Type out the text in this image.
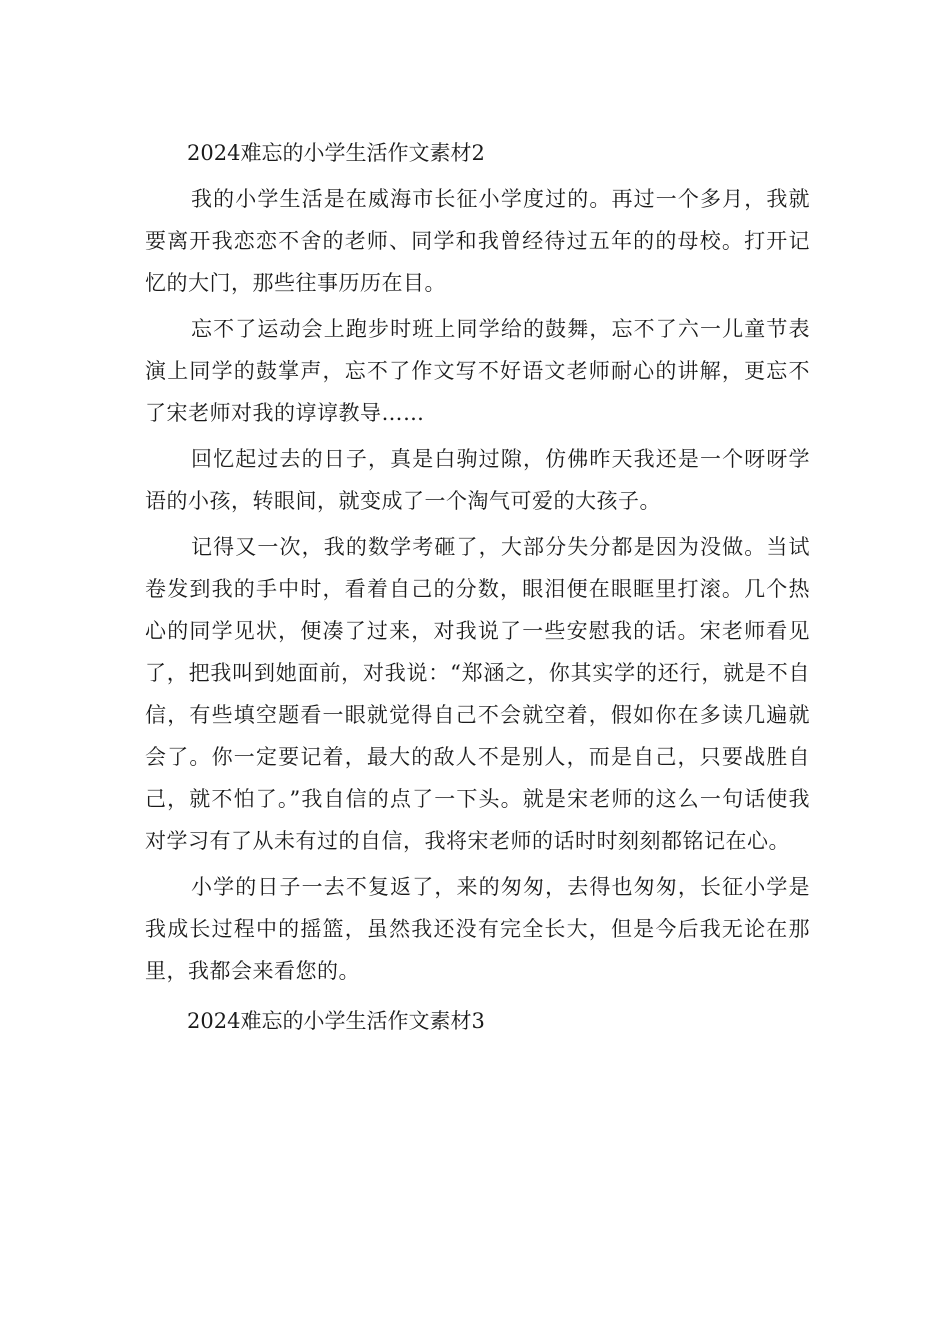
2024难忘的小学生活作文素材2

我的小学生活是在威海市长征小学度过的。再过一个多月，我就要离开我恋恋不舍的老师、同学和我曾经待过五年的的母校。打开记忆的大门，那些往事历历在目。

忘不了运动会上跑步时班上同学给的鼓舞，忘不了六一儿童节表演上同学的鼓掌声，忘不了作文写不好语文老师耐心的讲解，更忘不了宋老师对我的谆谆教导……

回忆起过去的日子，真是白驹过隙，仿佛昨天我还是一个呀呀学语的小孩，转眼间，就变成了一个淘气可爱的大孩子。

记得又一次，我的数学考砸了，大部分失分都是因为没做。当试卷发到我的手中时，看着自己的分数，眼泪便在眼眶里打滚。几个热心的同学见状，便凑了过来，对我说了一些安慰我的话。宋老师看见了，把我叫到她面前，对我说：“郑涵之，你其实学的还行，就是不自信，有些填空题看一眼就觉得自己不会就空着，假如你在多读几遍就会了。你一定要记着，最大的敌人不是别人，而是自己，只要战胜自己，就不怕了。”我自信的点了一下头。就是宋老师的这么一句话使我对学习有了从未有过的自信，我将宋老师的话时时刻刻都铭记在心。

小学的日子一去不复返了，来的匆匆，去得也匆匆，长征小学是我成长过程中的摇篮，虽然我还没有完全长大，但是今后我无论在那里，我都会来看您的。

2024难忘的小学生活作文素材3
